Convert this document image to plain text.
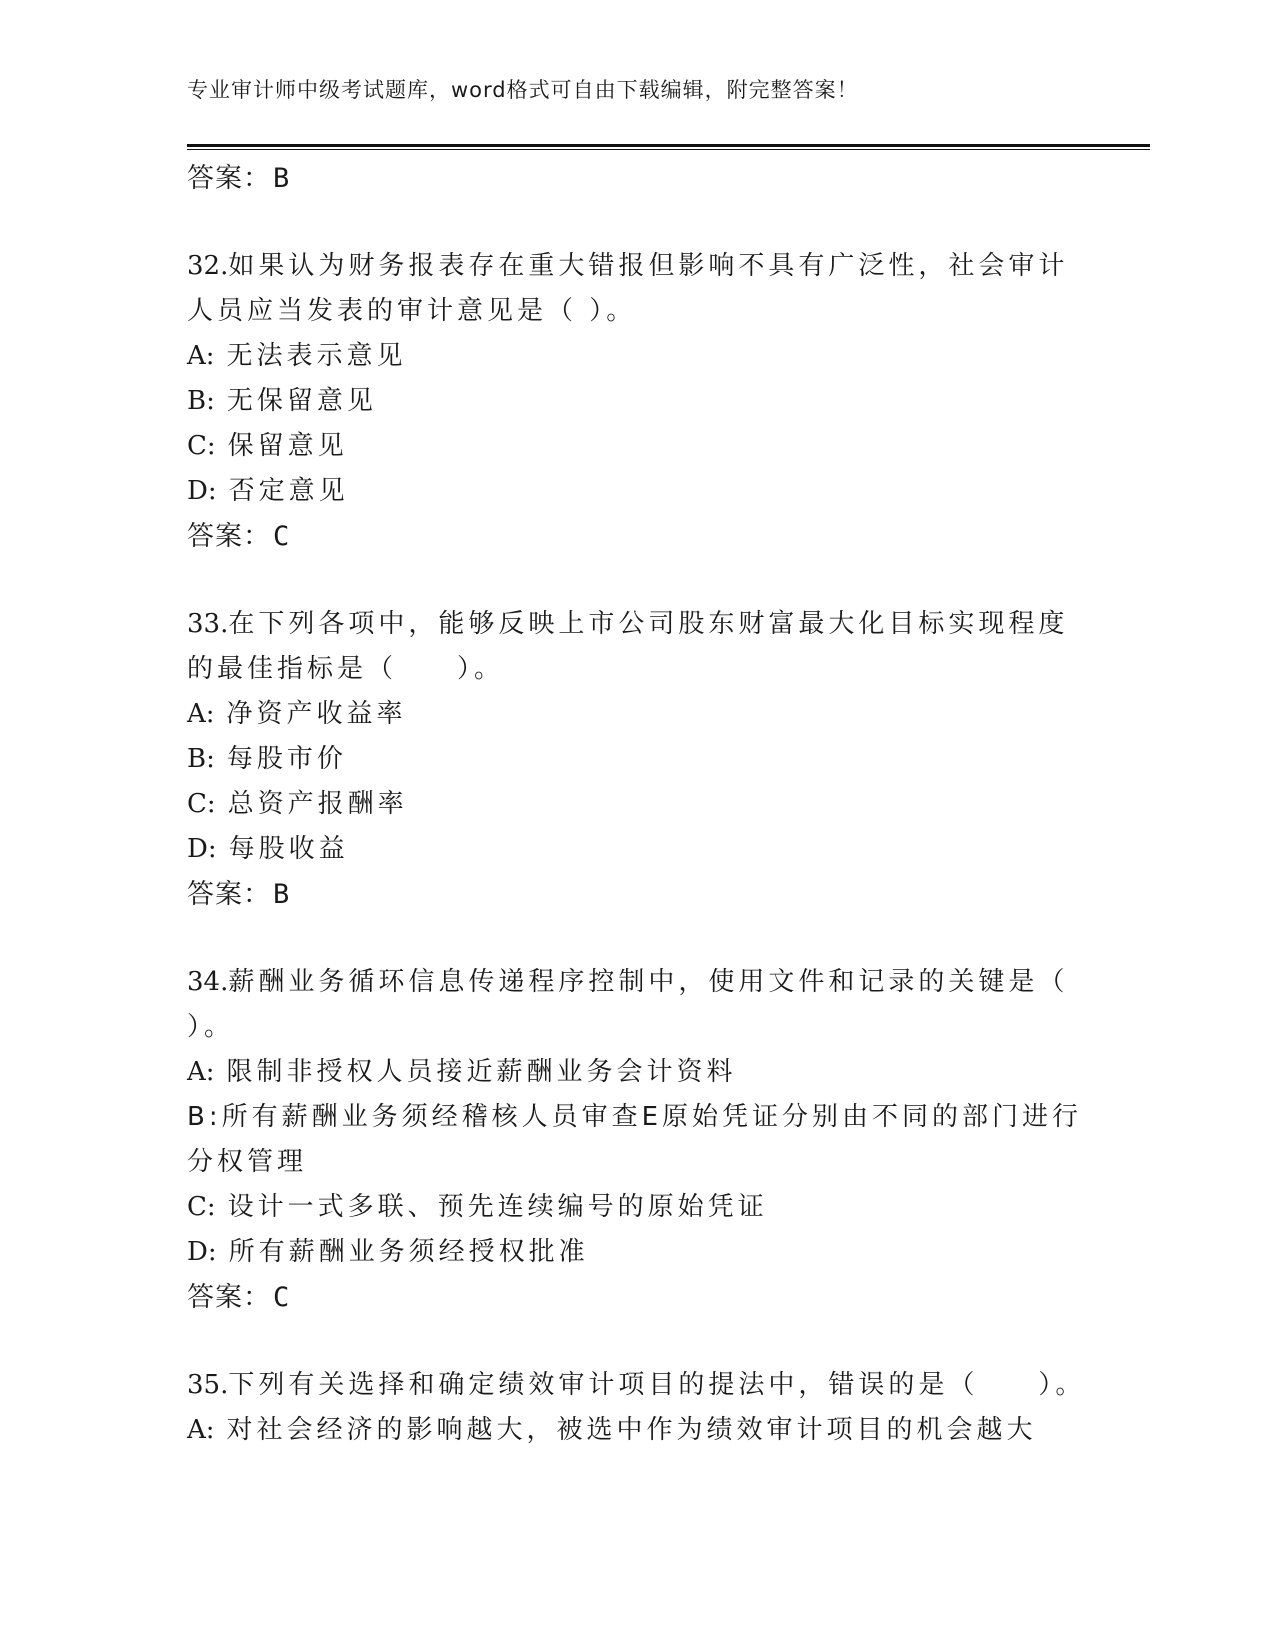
专业审计师中级考试题库，word格式可自由下载编辑，附完整答案！
答案：B

32.如果认为财务报表存在重大错报但影响不具有广泛性，社会审计人员应当发表的审计意见是（ ）。

A: 无法表示意见
B: 无保留意见
C: 保留意见
D: 否定意见
答案：C

33.在下列各项中，能够反映上市公司股东财富最大化目标实现程度的最佳指标是（　　）。

A: 净资产收益率
B: 每股市价
C: 总资产报酬率
D: 每股收益
答案：B

34.薪酬业务循环信息传递程序控制中，使用文件和记录的关键是（ ）。

A: 限制非授权人员接近薪酬业务会计资料

B:所有薪酬业务须经稽核人员审查E原始凭证分别由不同的部门进行分权管理

C: 设计一式多联、预先连续编号的原始凭证
D: 所有薪酬业务须经授权批准
答案：C

35.下列有关选择和确定绩效审计项目的提法中，错误的是（　　）。

A: 对社会经济的影响越大，被选中作为绩效审计项目的机会越大
